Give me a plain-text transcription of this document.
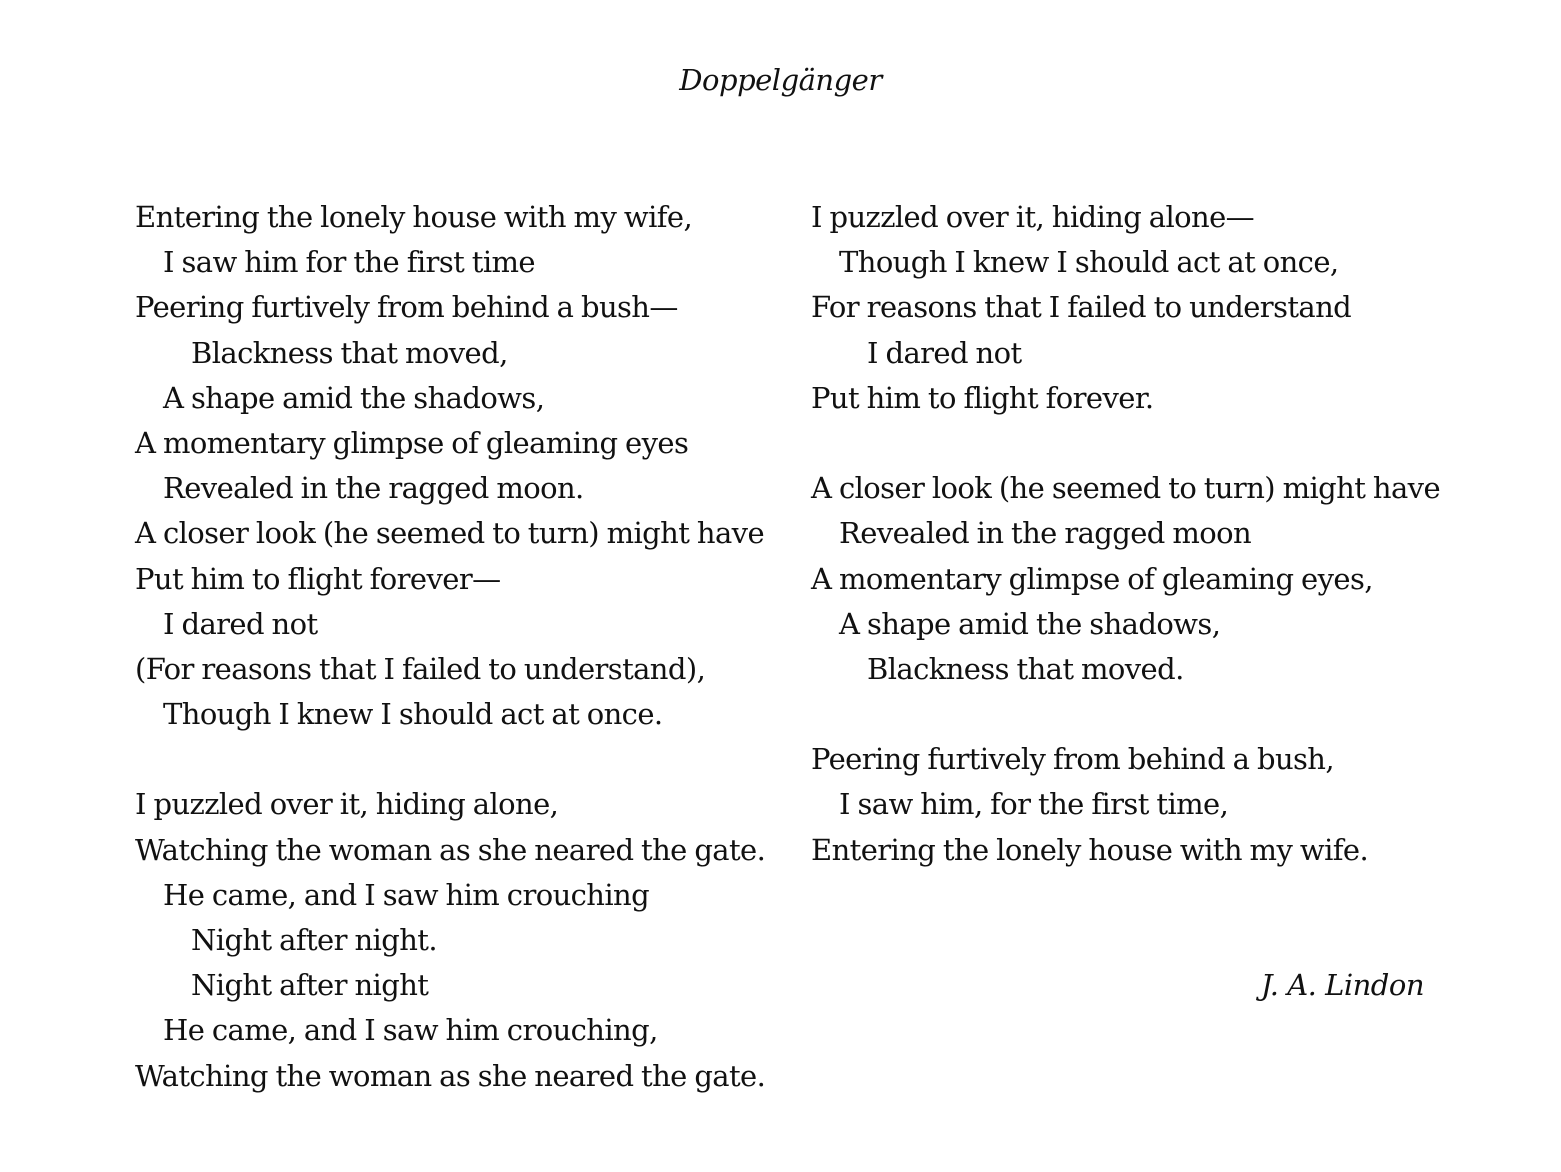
Doppelgänger
Entering the lonely house with my wife,
I saw him for the first time
Peering furtively from behind a bush—
Blackness that moved,
A shape amid the shadows,
A momentary glimpse of gleaming eyes
Revealed in the ragged moon.
A closer look (he seemed to turn) might have
Put him to flight forever—
I dared not
(For reasons that I failed to understand),
Though I knew I should act at once.
I puzzled over it, hiding alone,
Watching the woman as she neared the gate.
He came, and I saw him crouching
Night after night.
Night after night
He came, and I saw him crouching,
Watching the woman as she neared the gate.
I puzzled over it, hiding alone—
Though I knew I should act at once,
For reasons that I failed to understand
I dared not
Put him to flight forever.
A closer look (he seemed to turn) might have
Revealed in the ragged moon
A momentary glimpse of gleaming eyes,
A shape amid the shadows,
Blackness that moved.
Peering furtively from behind a bush,
I saw him, for the first time,
Entering the lonely house with my wife.
J. A. Lindon
